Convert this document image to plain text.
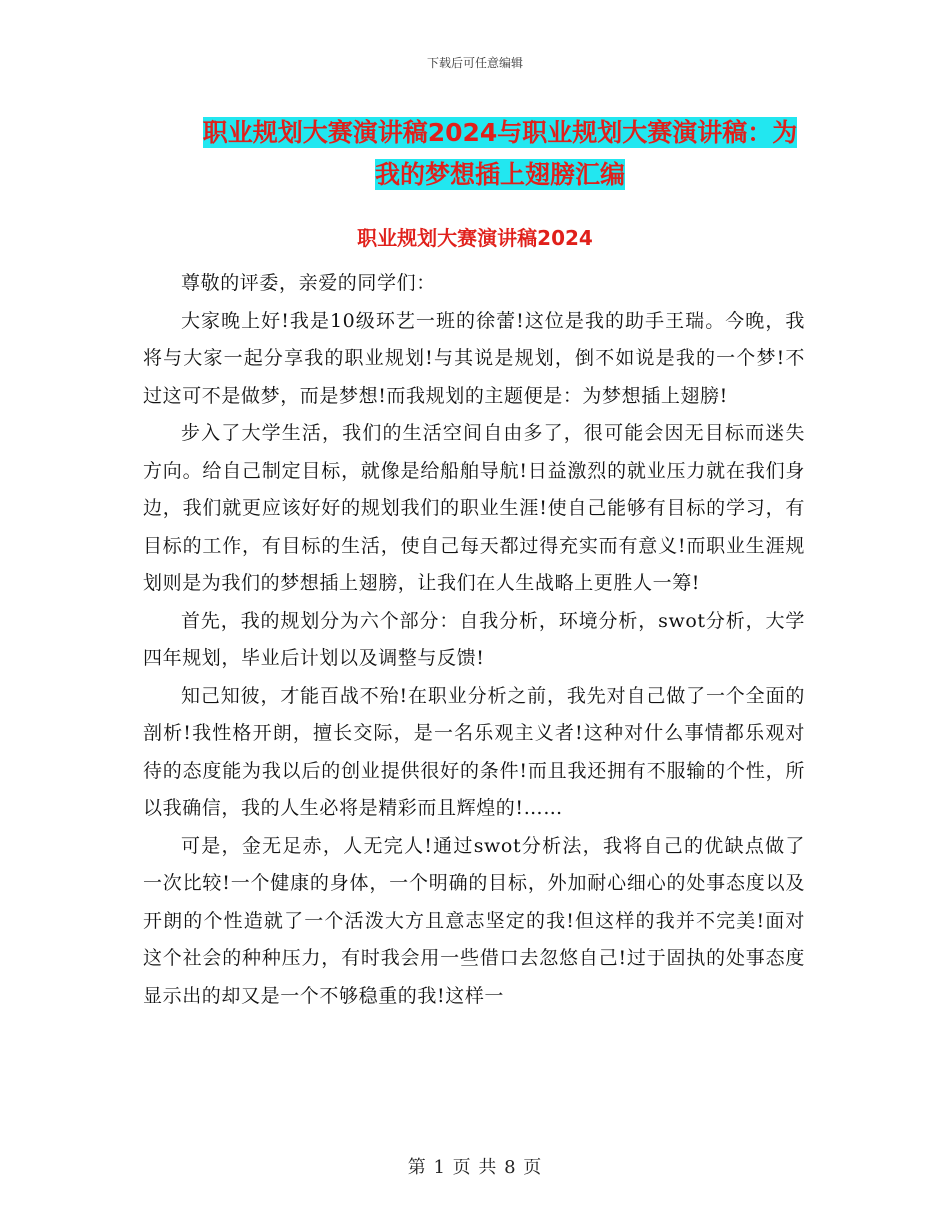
下载后可任意编辑
职业规划大赛演讲稿2024与职业规划大赛演讲稿：为
我的梦想插上翅膀汇编
职业规划大赛演讲稿2024

尊敬的评委，亲爱的同学们：

大家晚上好!我是10级环艺一班的徐蕾!这位是我的助手王瑞。今晚，我将与大家一起分享我的职业规划!与其说是规划，倒不如说是我的一个梦!不过这可不是做梦，而是梦想!而我规划的主题便是：为梦想插上翅膀!

步入了大学生活，我们的生活空间自由多了，很可能会因无目标而迷失方向。给自己制定目标，就像是给船舶导航!日益激烈的就业压力就在我们身边，我们就更应该好好的规划我们的职业生涯!使自己能够有目标的学习，有目标的工作，有目标的生活，使自己每天都过得充实而有意义!而职业生涯规划则是为我们的梦想插上翅膀，让我们在人生战略上更胜人一筹!

首先，我的规划分为六个部分：自我分析，环境分析，swot分析，大学四年规划，毕业后计划以及调整与反馈!

知己知彼，才能百战不殆!在职业分析之前，我先对自己做了一个全面的剖析!我性格开朗，擅长交际，是一名乐观主义者!这种对什么事情都乐观对待的态度能为我以后的创业提供很好的条件!而且我还拥有不服输的个性，所以我确信，我的人生必将是精彩而且辉煌的!……

可是，金无足赤，人无完人!通过swot分析法，我将自己的优缺点做了一次比较!一个健康的身体，一个明确的目标，外加耐心细心的处事态度以及开朗的个性造就了一个活泼大方且意志坚定的我!但这样的我并不完美!面对这个社会的种种压力，有时我会用一些借口去忽悠自己!过于固执的处事态度显示出的却又是一个不够稳重的我!这样一

第 1 页 共 8 页
